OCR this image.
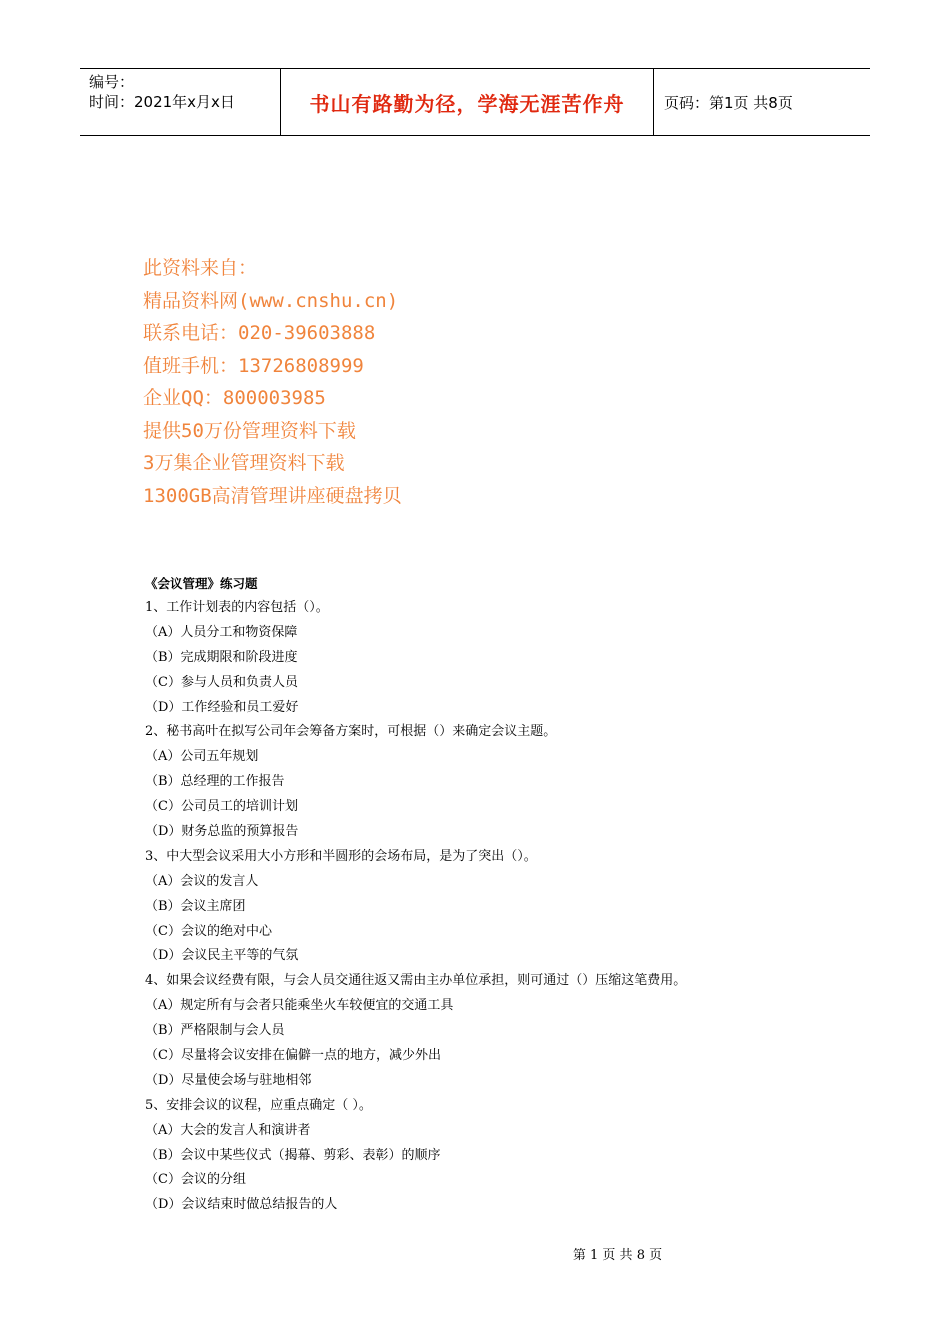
编号：
时间：2021年x月x日	书山有路勤为径，学海无涯苦作舟	页码：第1页 共8页
此资料来自：
精品资料网(www.cnshu.cn)
联系电话：020-39603888
值班手机：13726808999
企业QQ：800003985
提供50万份管理资料下载
3万集企业管理资料下载
1300GB高清管理讲座硬盘拷贝
《会议管理》练习题
1、工作计划表的内容包括（）。
（A）人员分工和物资保障
（B）完成期限和阶段进度
（C）参与人员和负责人员
（D）工作经验和员工爱好
2、秘书高叶在拟写公司年会筹备方案时，可根据（）来确定会议主题。
（A）公司五年规划
（B）总经理的工作报告
（C）公司员工的培训计划
（D）财务总监的预算报告
3、中大型会议采用大小方形和半圆形的会场布局，是为了突出（）。
（A）会议的发言人
（B）会议主席团
（C）会议的绝对中心
（D）会议民主平等的气氛
4、如果会议经费有限，与会人员交通往返又需由主办单位承担，则可通过（）压缩这笔费用。
（A）规定所有与会者只能乘坐火车较便宜的交通工具
（B）严格限制与会人员
（C）尽量将会议安排在偏僻一点的地方，减少外出
（D）尽量使会场与驻地相邻
5、安排会议的议程，应重点确定（ ）。
（A）大会的发言人和演讲者
（B）会议中某些仪式（揭幕、剪彩、表彰）的顺序
（C）会议的分组
（D）会议结束时做总结报告的人
第 1 页 共 8 页
